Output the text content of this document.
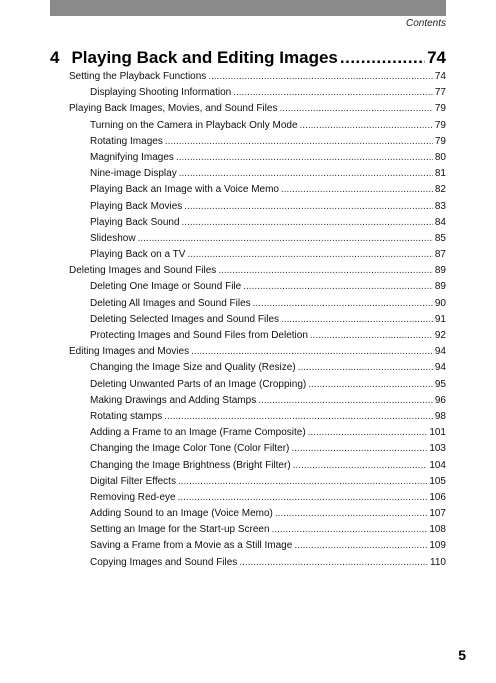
Contents
4 Playing Back and Editing Images .....	74
Setting the Playback Functions .....	74
Displaying Shooting Information .....	77
Playing Back Images, Movies, and Sound Files .....	79
Turning on the Camera in Playback Only Mode .....	79
Rotating Images .....	79
Magnifying Images .....	80
Nine-image Display .....	81
Playing Back an Image with a Voice Memo .....	82
Playing Back Movies .....	83
Playing Back Sound .....	84
Slideshow .....	85
Playing Back on a TV .....	87
Deleting Images and Sound Files .....	89
Deleting One Image or Sound File .....	89
Deleting All Images and Sound Files .....	90
Deleting Selected Images and Sound Files .....	91
Protecting Images and Sound Files from Deletion .....	92
Editing Images and Movies .....	94
Changing the Image Size and Quality (Resize) .....	94
Deleting Unwanted Parts of an Image (Cropping) .....	95
Making Drawings and Adding Stamps .....	96
Rotating stamps .....	98
Adding a Frame to an Image (Frame Composite) .....	101
Changing the Image Color Tone (Color Filter) .....	103
Changing the Image Brightness (Bright Filter) .....	104
Digital Filter Effects .....	105
Removing Red-eye .....	106
Adding Sound to an Image (Voice Memo) .....	107
Setting an Image for the Start-up Screen .....	108
Saving a Frame from a Movie as a Still Image .....	109
Copying Images and Sound Files .....	110
5
